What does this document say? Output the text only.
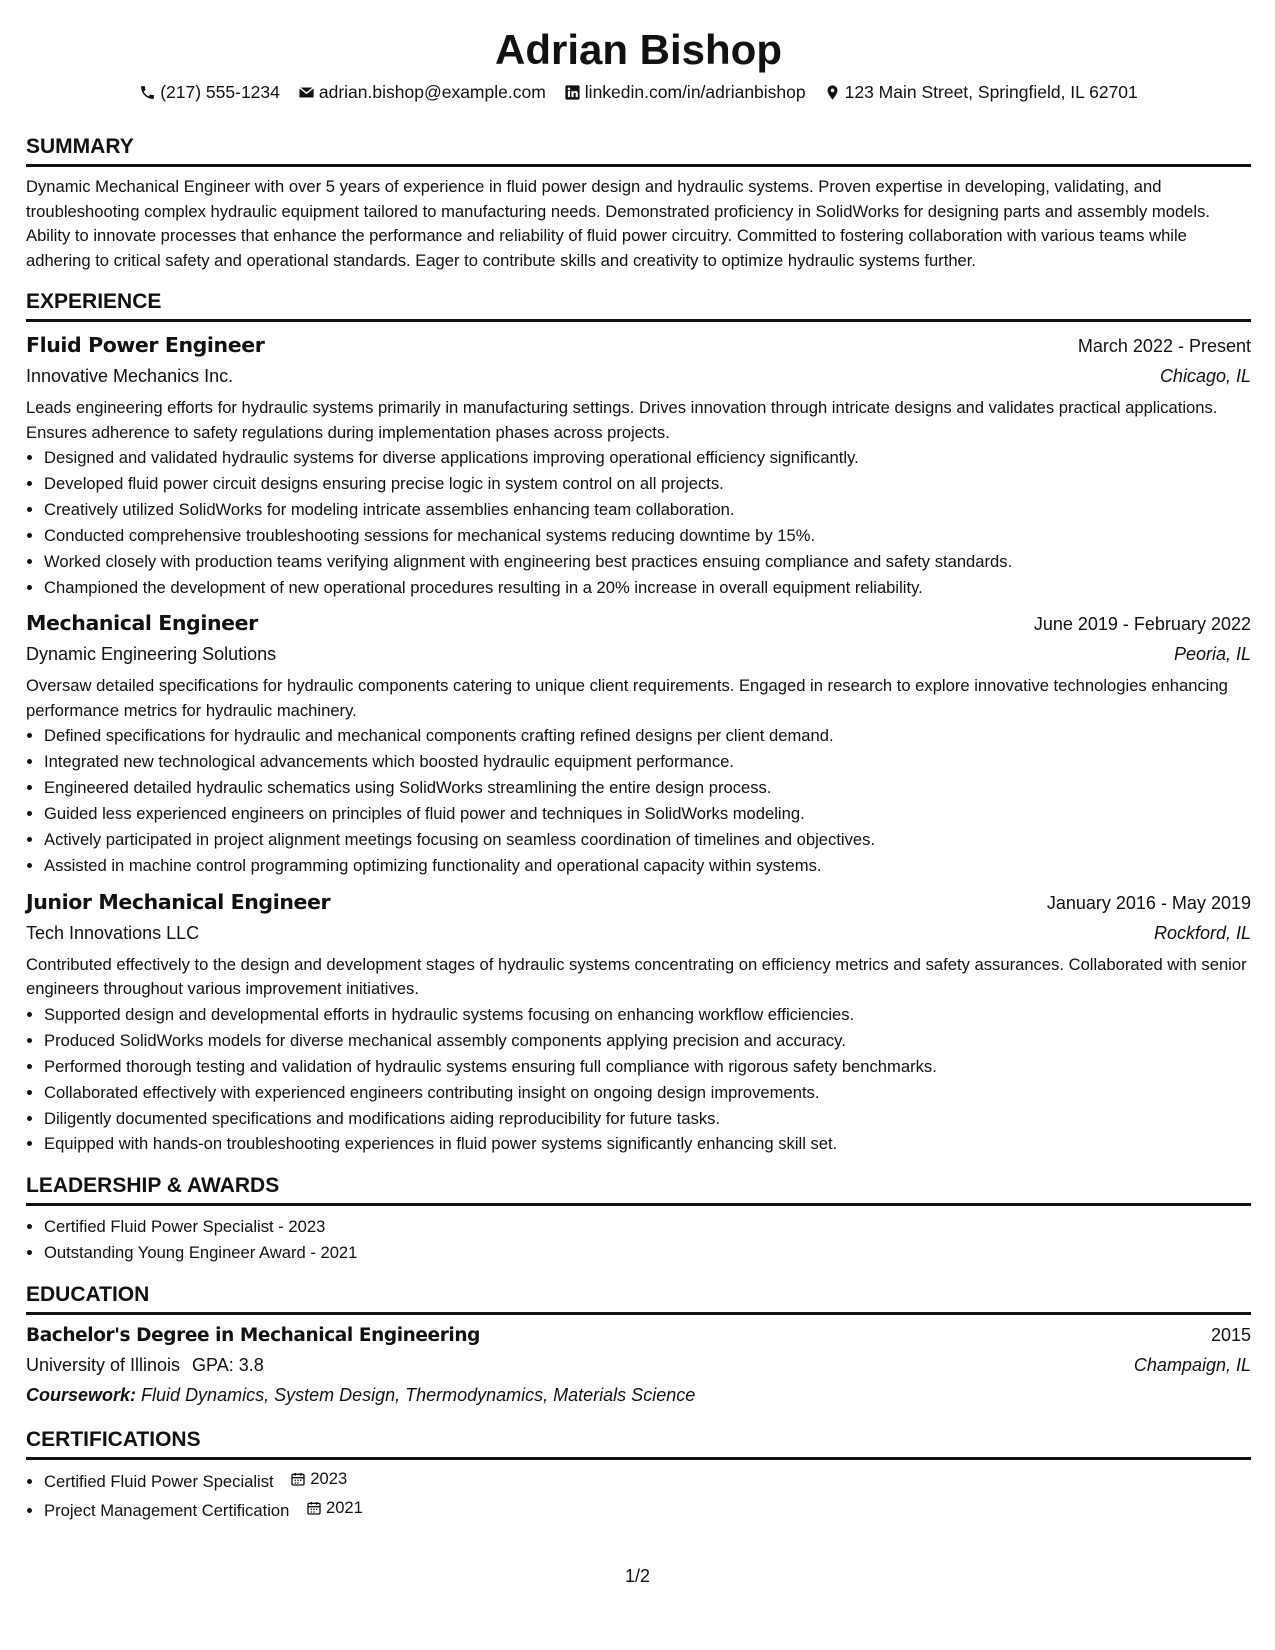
Adrian Bishop
(217) 555-1234 adrian.bishop@example.com linkedin.com/in/adrianbishop 123 Main Street, Springfield, IL 62701
SUMMARY
Dynamic Mechanical Engineer with over 5 years of experience in fluid power design and hydraulic systems. Proven expertise in developing, validating, and troubleshooting complex hydraulic equipment tailored to manufacturing needs. Demonstrated proficiency in SolidWorks for designing parts and assembly models. Ability to innovate processes that enhance the performance and reliability of fluid power circuitry. Committed to fostering collaboration with various teams while adhering to critical safety and operational standards. Eager to contribute skills and creativity to optimize hydraulic systems further.
EXPERIENCE
Fluid Power Engineer	March 2022 - Present
Innovative Mechanics Inc.	Chicago, IL
Leads engineering efforts for hydraulic systems primarily in manufacturing settings. Drives innovation through intricate designs and validates practical applications. Ensures adherence to safety regulations during implementation phases across projects.
• Designed and validated hydraulic systems for diverse applications improving operational efficiency significantly.
• Developed fluid power circuit designs ensuring precise logic in system control on all projects.
• Creatively utilized SolidWorks for modeling intricate assemblies enhancing team collaboration.
• Conducted comprehensive troubleshooting sessions for mechanical systems reducing downtime by 15%.
• Worked closely with production teams verifying alignment with engineering best practices ensuing compliance and safety standards.
• Championed the development of new operational procedures resulting in a 20% increase in overall equipment reliability.
Mechanical Engineer	June 2019 - February 2022
Dynamic Engineering Solutions	Peoria, IL
Oversaw detailed specifications for hydraulic components catering to unique client requirements. Engaged in research to explore innovative technologies enhancing performance metrics for hydraulic machinery.
• Defined specifications for hydraulic and mechanical components crafting refined designs per client demand.
• Integrated new technological advancements which boosted hydraulic equipment performance.
• Engineered detailed hydraulic schematics using SolidWorks streamlining the entire design process.
• Guided less experienced engineers on principles of fluid power and techniques in SolidWorks modeling.
• Actively participated in project alignment meetings focusing on seamless coordination of timelines and objectives.
• Assisted in machine control programming optimizing functionality and operational capacity within systems.
Junior Mechanical Engineer	January 2016 - May 2019
Tech Innovations LLC	Rockford, IL
Contributed effectively to the design and development stages of hydraulic systems concentrating on efficiency metrics and safety assurances. Collaborated with senior engineers throughout various improvement initiatives.
• Supported design and developmental efforts in hydraulic systems focusing on enhancing workflow efficiencies.
• Produced SolidWorks models for diverse mechanical assembly components applying precision and accuracy.
• Performed thorough testing and validation of hydraulic systems ensuring full compliance with rigorous safety benchmarks.
• Collaborated effectively with experienced engineers contributing insight on ongoing design improvements.
• Diligently documented specifications and modifications aiding reproducibility for future tasks.
• Equipped with hands-on troubleshooting experiences in fluid power systems significantly enhancing skill set.
LEADERSHIP & AWARDS
• Certified Fluid Power Specialist - 2023
• Outstanding Young Engineer Award - 2021
EDUCATION
Bachelor's Degree in Mechanical Engineering	2015
University of Illinois GPA: 3.8	Champaign, IL
Coursework: Fluid Dynamics, System Design, Thermodynamics, Materials Science
CERTIFICATIONS
• Certified Fluid Power Specialist 2023
• Project Management Certification 2021
1/2
